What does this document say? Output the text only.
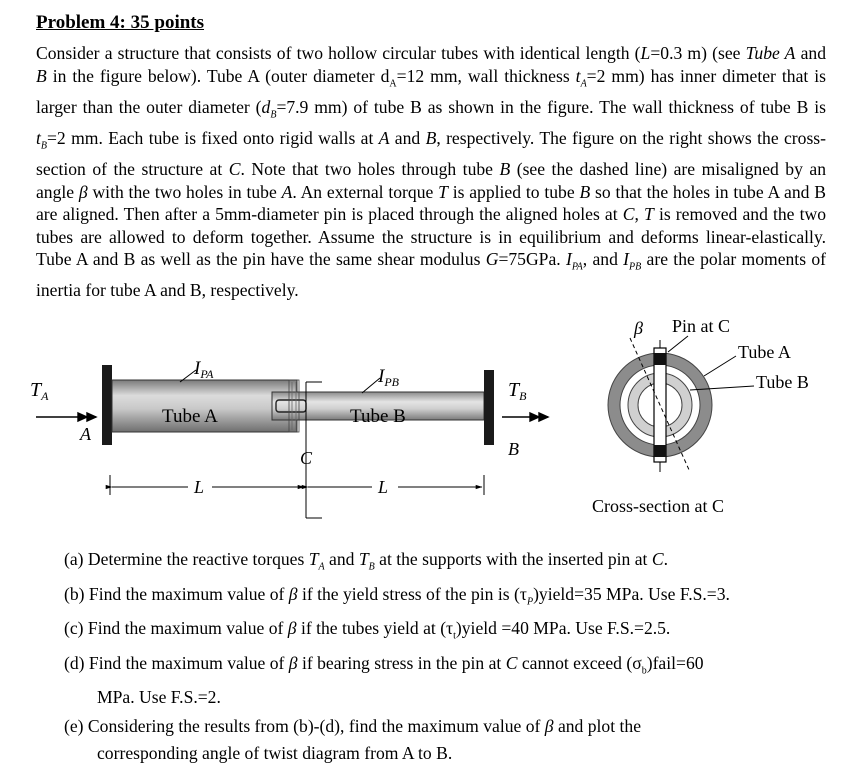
Problem 4: 35 points
Consider a structure that consists of two hollow circular tubes with identical length (L=0.3 m) (see Tube A and B in the figure below). Tube A (outer diameter $d_A=12$ mm, wall thickness $t_A=2$ mm) has inner dimeter that is larger than the outer diameter ($d_B=7.9$ mm) of tube B as shown in the figure. The wall thickness of tube B is $t_B=2$ mm. Each tube is fixed onto rigid walls at A and B, respectively. The figure on the right shows the cross-section of the structure at C. Note that two holes through tube B (see the dashed line) are misaligned by an angle β with the two holes in tube A. An external torque T is applied to tube B so that the holes in tube A and B are aligned. Then after a 5mm-diameter pin is placed through the aligned holes at C, T is removed and the two tubes are allowed to deform together. Assume the structure is in equilibrium and deforms linear-elastically. Tube A and B as well as the pin have the same shear modulus G=75GPa. $I_{PA}$, and $I_{PB}$ are the polar moments of inertia for tube A and B, respectively.
$T_A$
A
$T_B$
B
$I_{PA}$
Tube A
$I_{PB}$
Tube B
C
L	L
β Pin at C
Tube A
Tube B
Cross-section at C

(a) Determine the reactive torques $T_A$ and $T_B$ at the supports with the inserted pin at C.

(b) Find the maximum value of β if the yield stress of the pin is $(\tau_P)yield=35$ MPa. Use F.S.=3.

(c) Find the maximum value of β if the tubes yield at $(\tau_t)yield =40$ MPa. Use F.S.=2.5.

(d) Find the maximum value of β if bearing stress in the pin at C cannot exceed $(\sigma_b)fail=60$

MPa. Use F.S.=2.

(e) Considering the results from (b)-(d), find the maximum value of β and plot the

corresponding angle of twist diagram from A to B.
